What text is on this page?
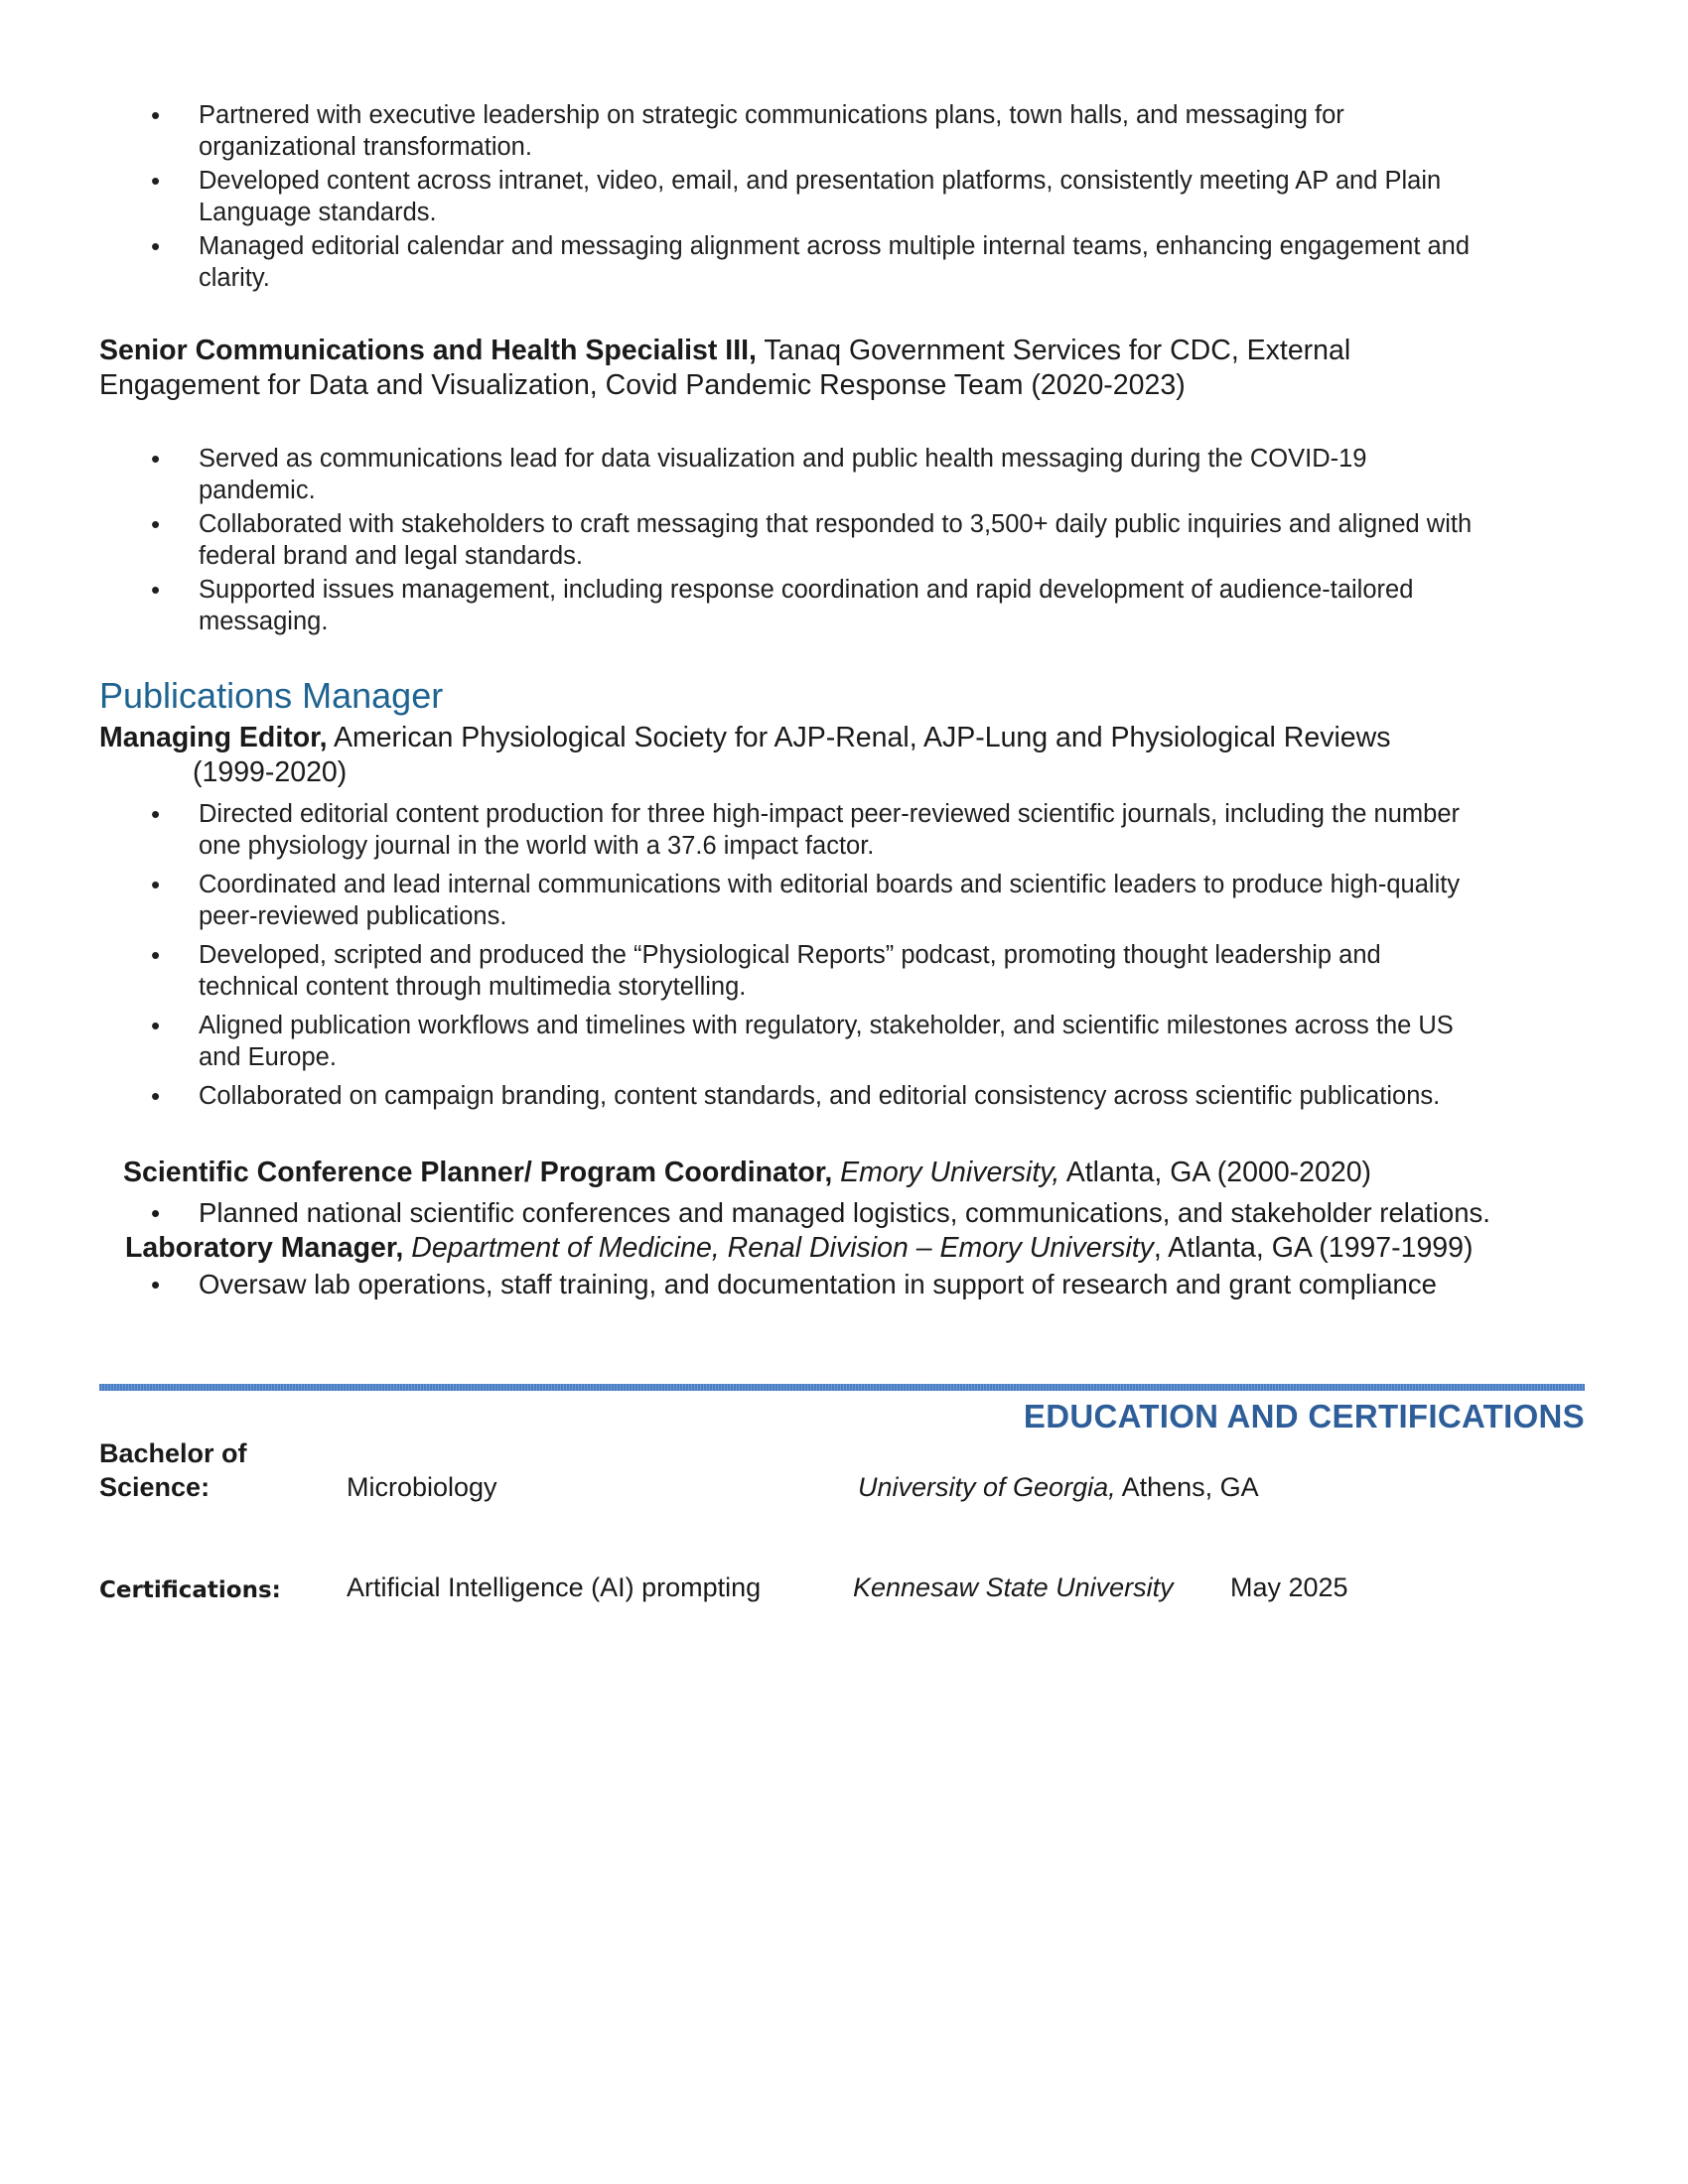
• Partnered with executive leadership on strategic communications plans, town halls, and messaging for
organizational transformation.
• Developed content across intranet, video, email, and presentation platforms, consistently meeting AP and Plain
Language standards.
• Managed editorial calendar and messaging alignment across multiple internal teams, enhancing engagement and
clarity.
Senior Communications and Health Specialist III, Tanaq Government Services for CDC, External
Engagement for Data and Visualization, Covid Pandemic Response Team (2020-2023)
• Served as communications lead for data visualization and public health messaging during the COVID-19
pandemic.
• Collaborated with stakeholders to craft messaging that responded to 3,500+ daily public inquiries and aligned with
federal brand and legal standards.
• Supported issues management, including response coordination and rapid development of audience-tailored
messaging.
Publications Manager
Managing Editor, American Physiological Society for AJP-Renal, AJP-Lung and Physiological Reviews
(1999-2020)
• Directed editorial content production for three high-impact peer-reviewed scientific journals, including the number
one physiology journal in the world with a 37.6 impact factor.
• Coordinated and lead internal communications with editorial boards and scientific leaders to produce high-quality
peer-reviewed publications.
• Developed, scripted and produced the “Physiological Reports” podcast, promoting thought leadership and
technical content through multimedia storytelling.
• Aligned publication workflows and timelines with regulatory, stakeholder, and scientific milestones across the US
and Europe.
• Collaborated on campaign branding, content standards, and editorial consistency across scientific publications.
Scientific Conference Planner/ Program Coordinator, Emory University, Atlanta, GA (2000-2020)
• Planned national scientific conferences and managed logistics, communications, and stakeholder relations.
Laboratory Manager, Department of Medicine, Renal Division – Emory University, Atlanta, GA (1997-1999)
• Oversaw lab operations, staff training, and documentation in support of research and grant compliance
EDUCATION AND CERTIFICATIONS
Bachelor of
Science:	Microbiology	University of Georgia, Athens, GA
Certifications: Artificial Intelligence (AI) prompting	Kennesaw State University May 2025
